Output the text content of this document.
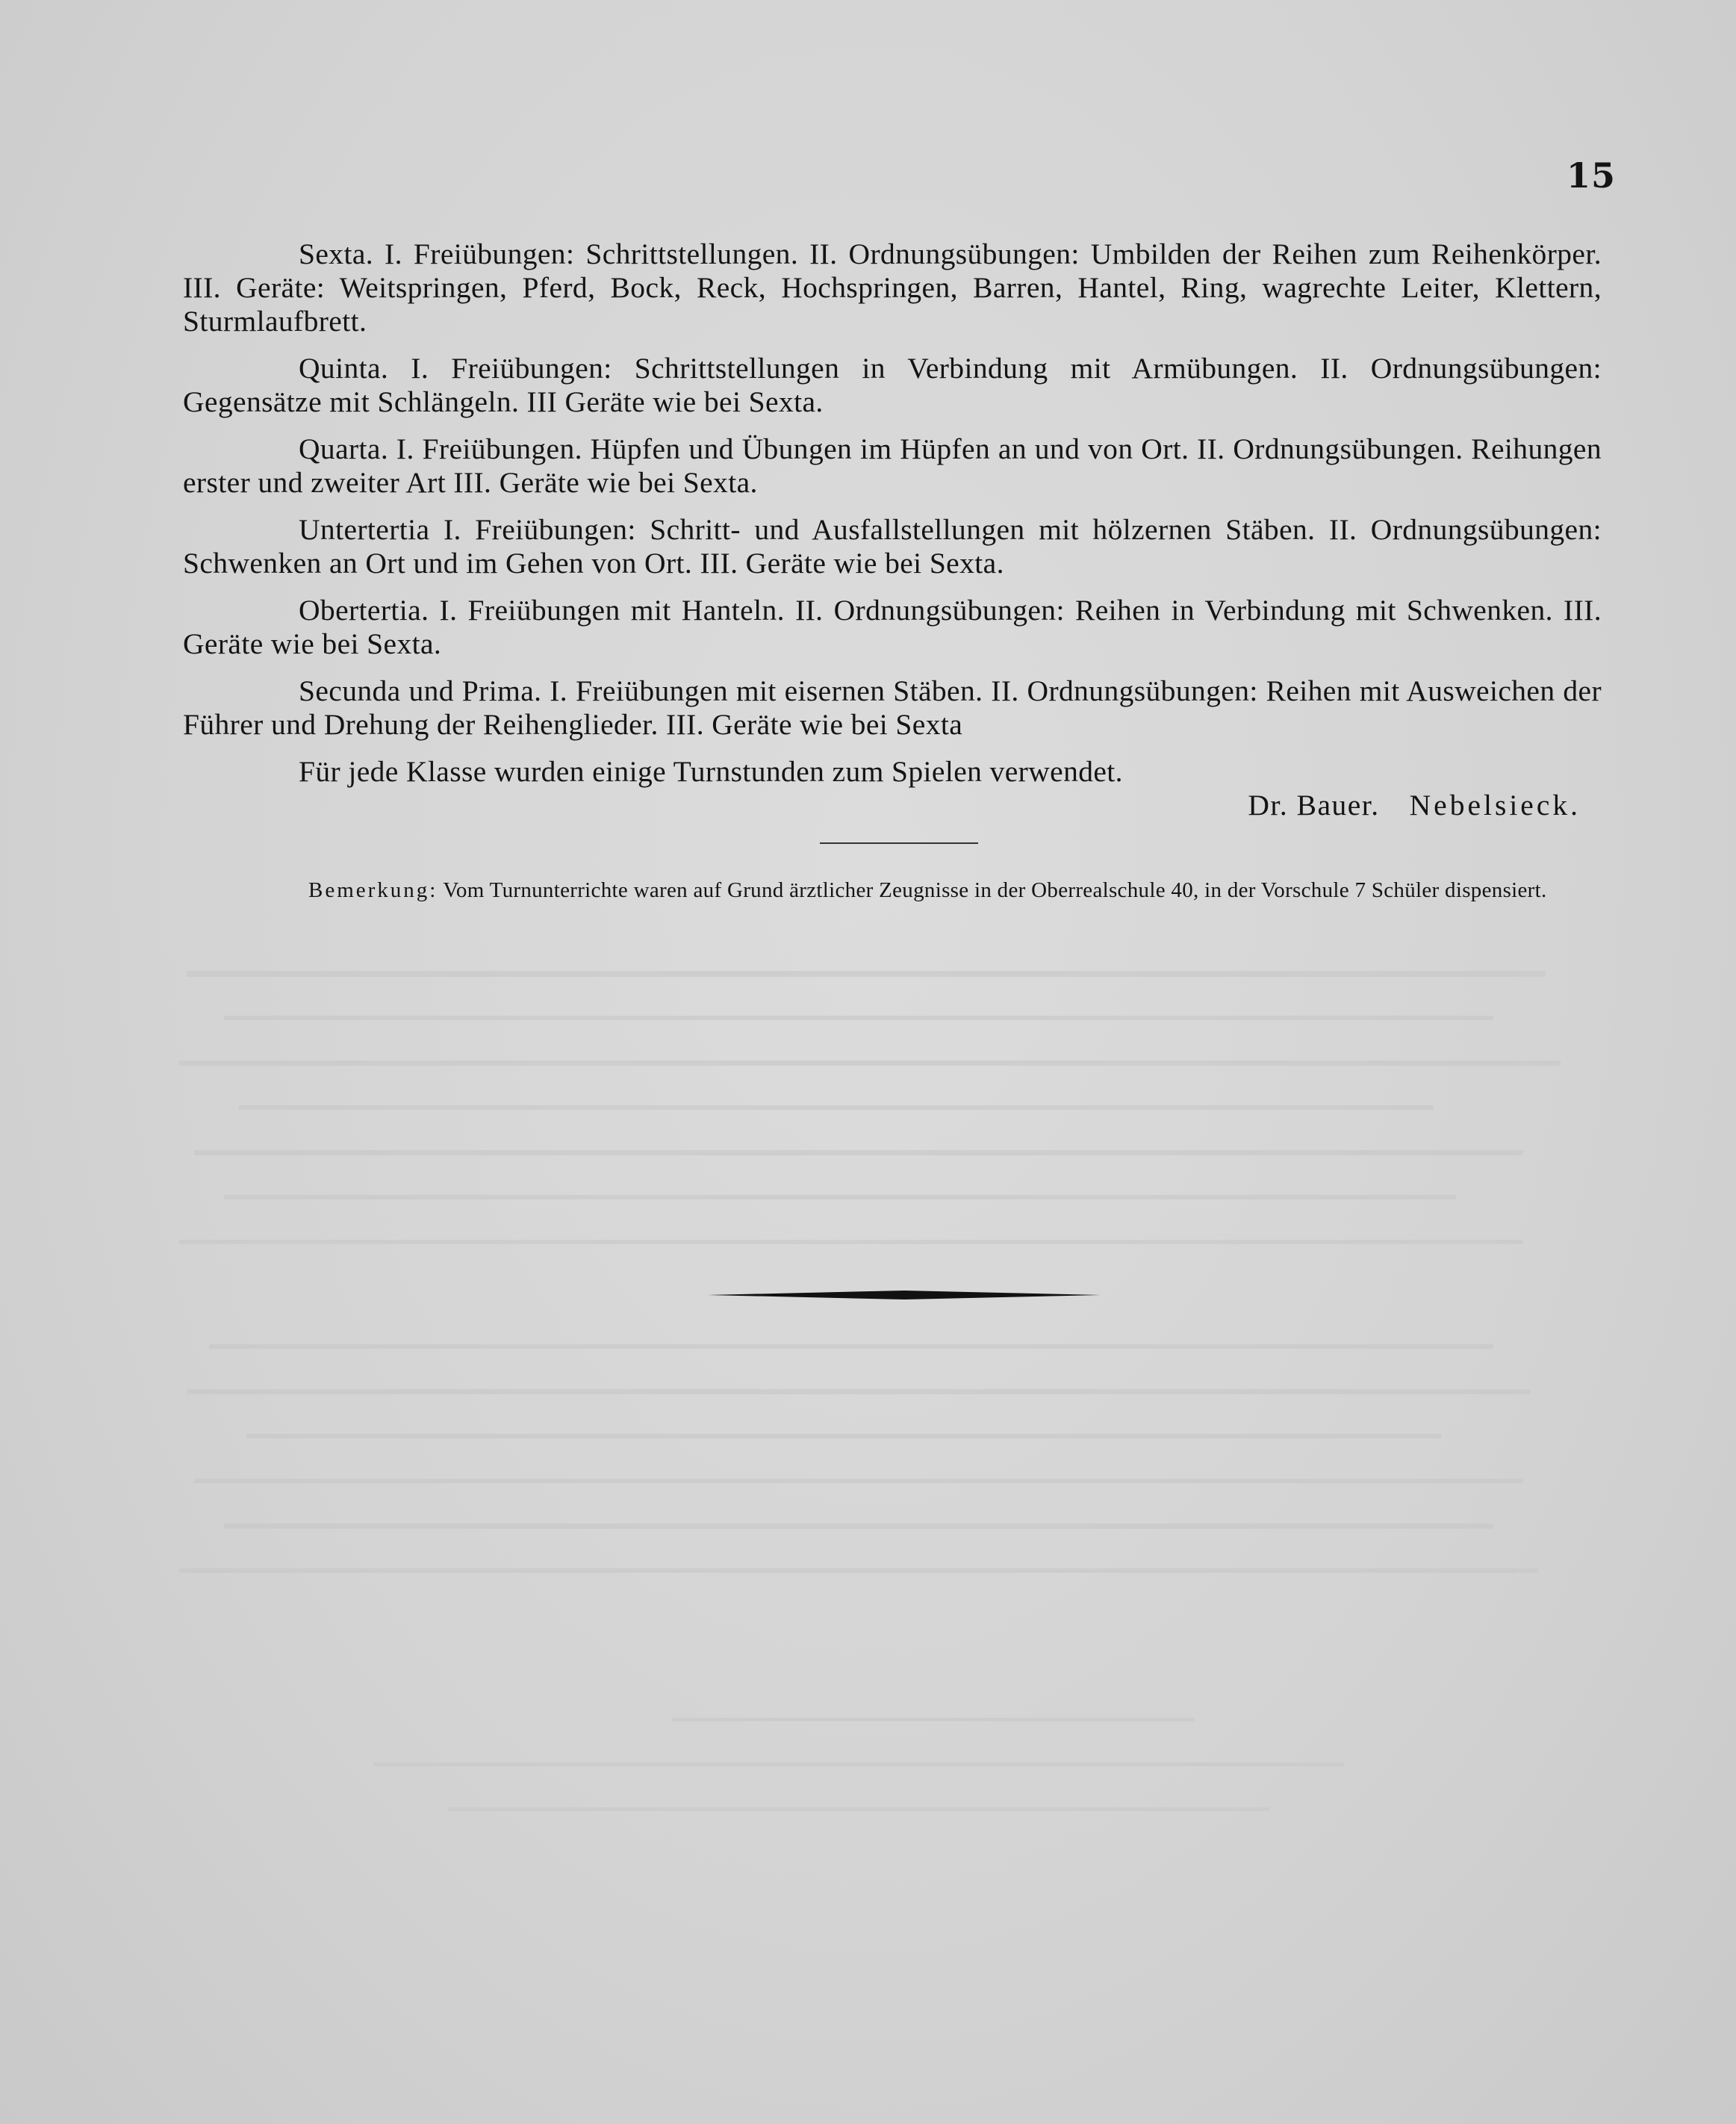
15

Sexta. I. Freiübungen: Schrittstellungen. II. Ordnungsübungen: Umbilden der Reihen zum Reihenkörper. III. Geräte: Weitspringen, Pferd, Bock, Reck, Hochspringen, Barren, Hantel, Ring, wagrechte Leiter, Klettern, Sturmlaufbrett.

Quinta. I. Freiübungen: Schrittstellungen in Verbindung mit Armübungen. II. Ordnungsübungen: Gegensätze mit Schlängeln. III Geräte wie bei Sexta.

Quarta. I. Freiübungen. Hüpfen und Übungen im Hüpfen an und von Ort. II. Ordnungsübungen. Reihungen erster und zweiter Art III. Geräte wie bei Sexta.

Untertertia I. Freiübungen: Schritt- und Ausfallstellungen mit hölzernen Stäben. II. Ordnungsübungen: Schwenken an Ort und im Gehen von Ort. III. Geräte wie bei Sexta.

Obertertia. I. Freiübungen mit Hanteln. II. Ordnungsübungen: Reihen in Verbindung mit Schwenken. III. Geräte wie bei Sexta.

Secunda und Prima. I. Freiübungen mit eisernen Stäben. II. Ordnungsübungen: Reihen mit Ausweichen der Führer und Drehung der Reihenglieder. III. Geräte wie bei Sexta

Für jede Klasse wurden einige Turnstunden zum Spielen verwendet.

Dr. Bauer. Nebelsieck.
Bemerkung: Vom Turnunterrichte waren auf Grund ärztlicher Zeugnisse in der Oberrealschule 40, in der Vorschule 7 Schüler dispensiert.
